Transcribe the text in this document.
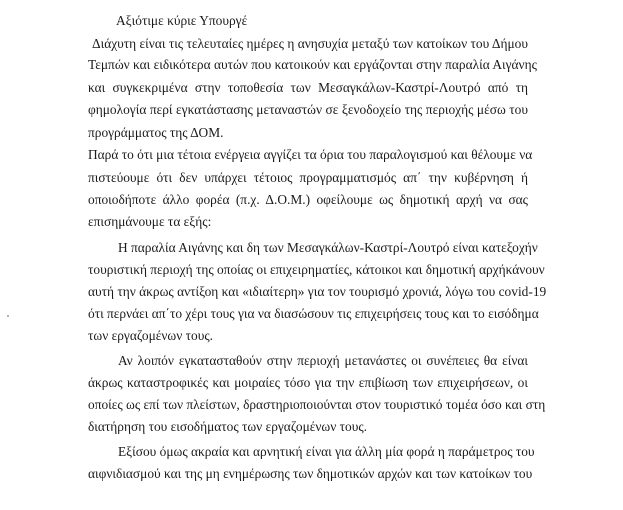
Αξιότιμε κύριε Υπουργέ
Διάχυτη είναι τις τελευταίες ημέρες η ανησυχία μεταξύ των κατοίκων του Δήμου
Τεμπών και ειδικότερα αυτών που κατοικούν και εργάζονται στην παραλία Αιγάνης
και συγκεκριμένα στην τοποθεσία των Μεσαγκάλων-Καστρί-Λουτρό από τη
φημολογία περί εγκατάστασης μεταναστών σε ξενοδοχείο της περιοχής μέσω του
προγράμματος της ΔΟΜ.
Παρά το ότι μια τέτοια ενέργεια αγγίζει τα όρια του παραλογισμού και θέλουμε να
πιστεύουμε ότι δεν υπάρχει τέτοιος προγραμματισμός απ΄ την κυβέρνηση ή
οποιοδήποτε άλλο φορέα (π.χ. Δ.Ο.Μ.) οφείλουμε ως δημοτική αρχή να σας
επισημάνουμε τα εξής:
Η παραλία Αιγάνης και δη των Μεσαγκάλων-Καστρί-Λουτρό είναι κατεξοχήν
τουριστική περιοχή της οποίας οι επιχειρηματίες, κάτοικοι και δημοτική αρχήκάνουν
αυτή την άκρως αντίξοη και «ιδιαίτερη» για τον τουρισμό χρονιά, λόγω του covid-19
ότι περνάει απ΄το χέρι τους για να διασώσουν τις επιχειρήσεις τους και το εισόδημα
των εργαζομένων τους.
Αν λοιπόν εγκατασταθούν στην περιοχή μετανάστες οι συνέπειες θα είναι
άκρως καταστροφικές και μοιραίες τόσο για την επιβίωση των επιχειρήσεων, οι
οποίες ως επί των πλείστων, δραστηριοποιούνται στον τουριστικό τομέα όσο και στη
διατήρηση του εισοδήματος των εργαζομένων τους.
Εξίσου όμως ακραία και αρνητική είναι για άλλη μία φορά η παράμετρος του
αιφνιδιασμού και της μη ενημέρωσης των δημοτικών αρχών και των κατοίκων του
